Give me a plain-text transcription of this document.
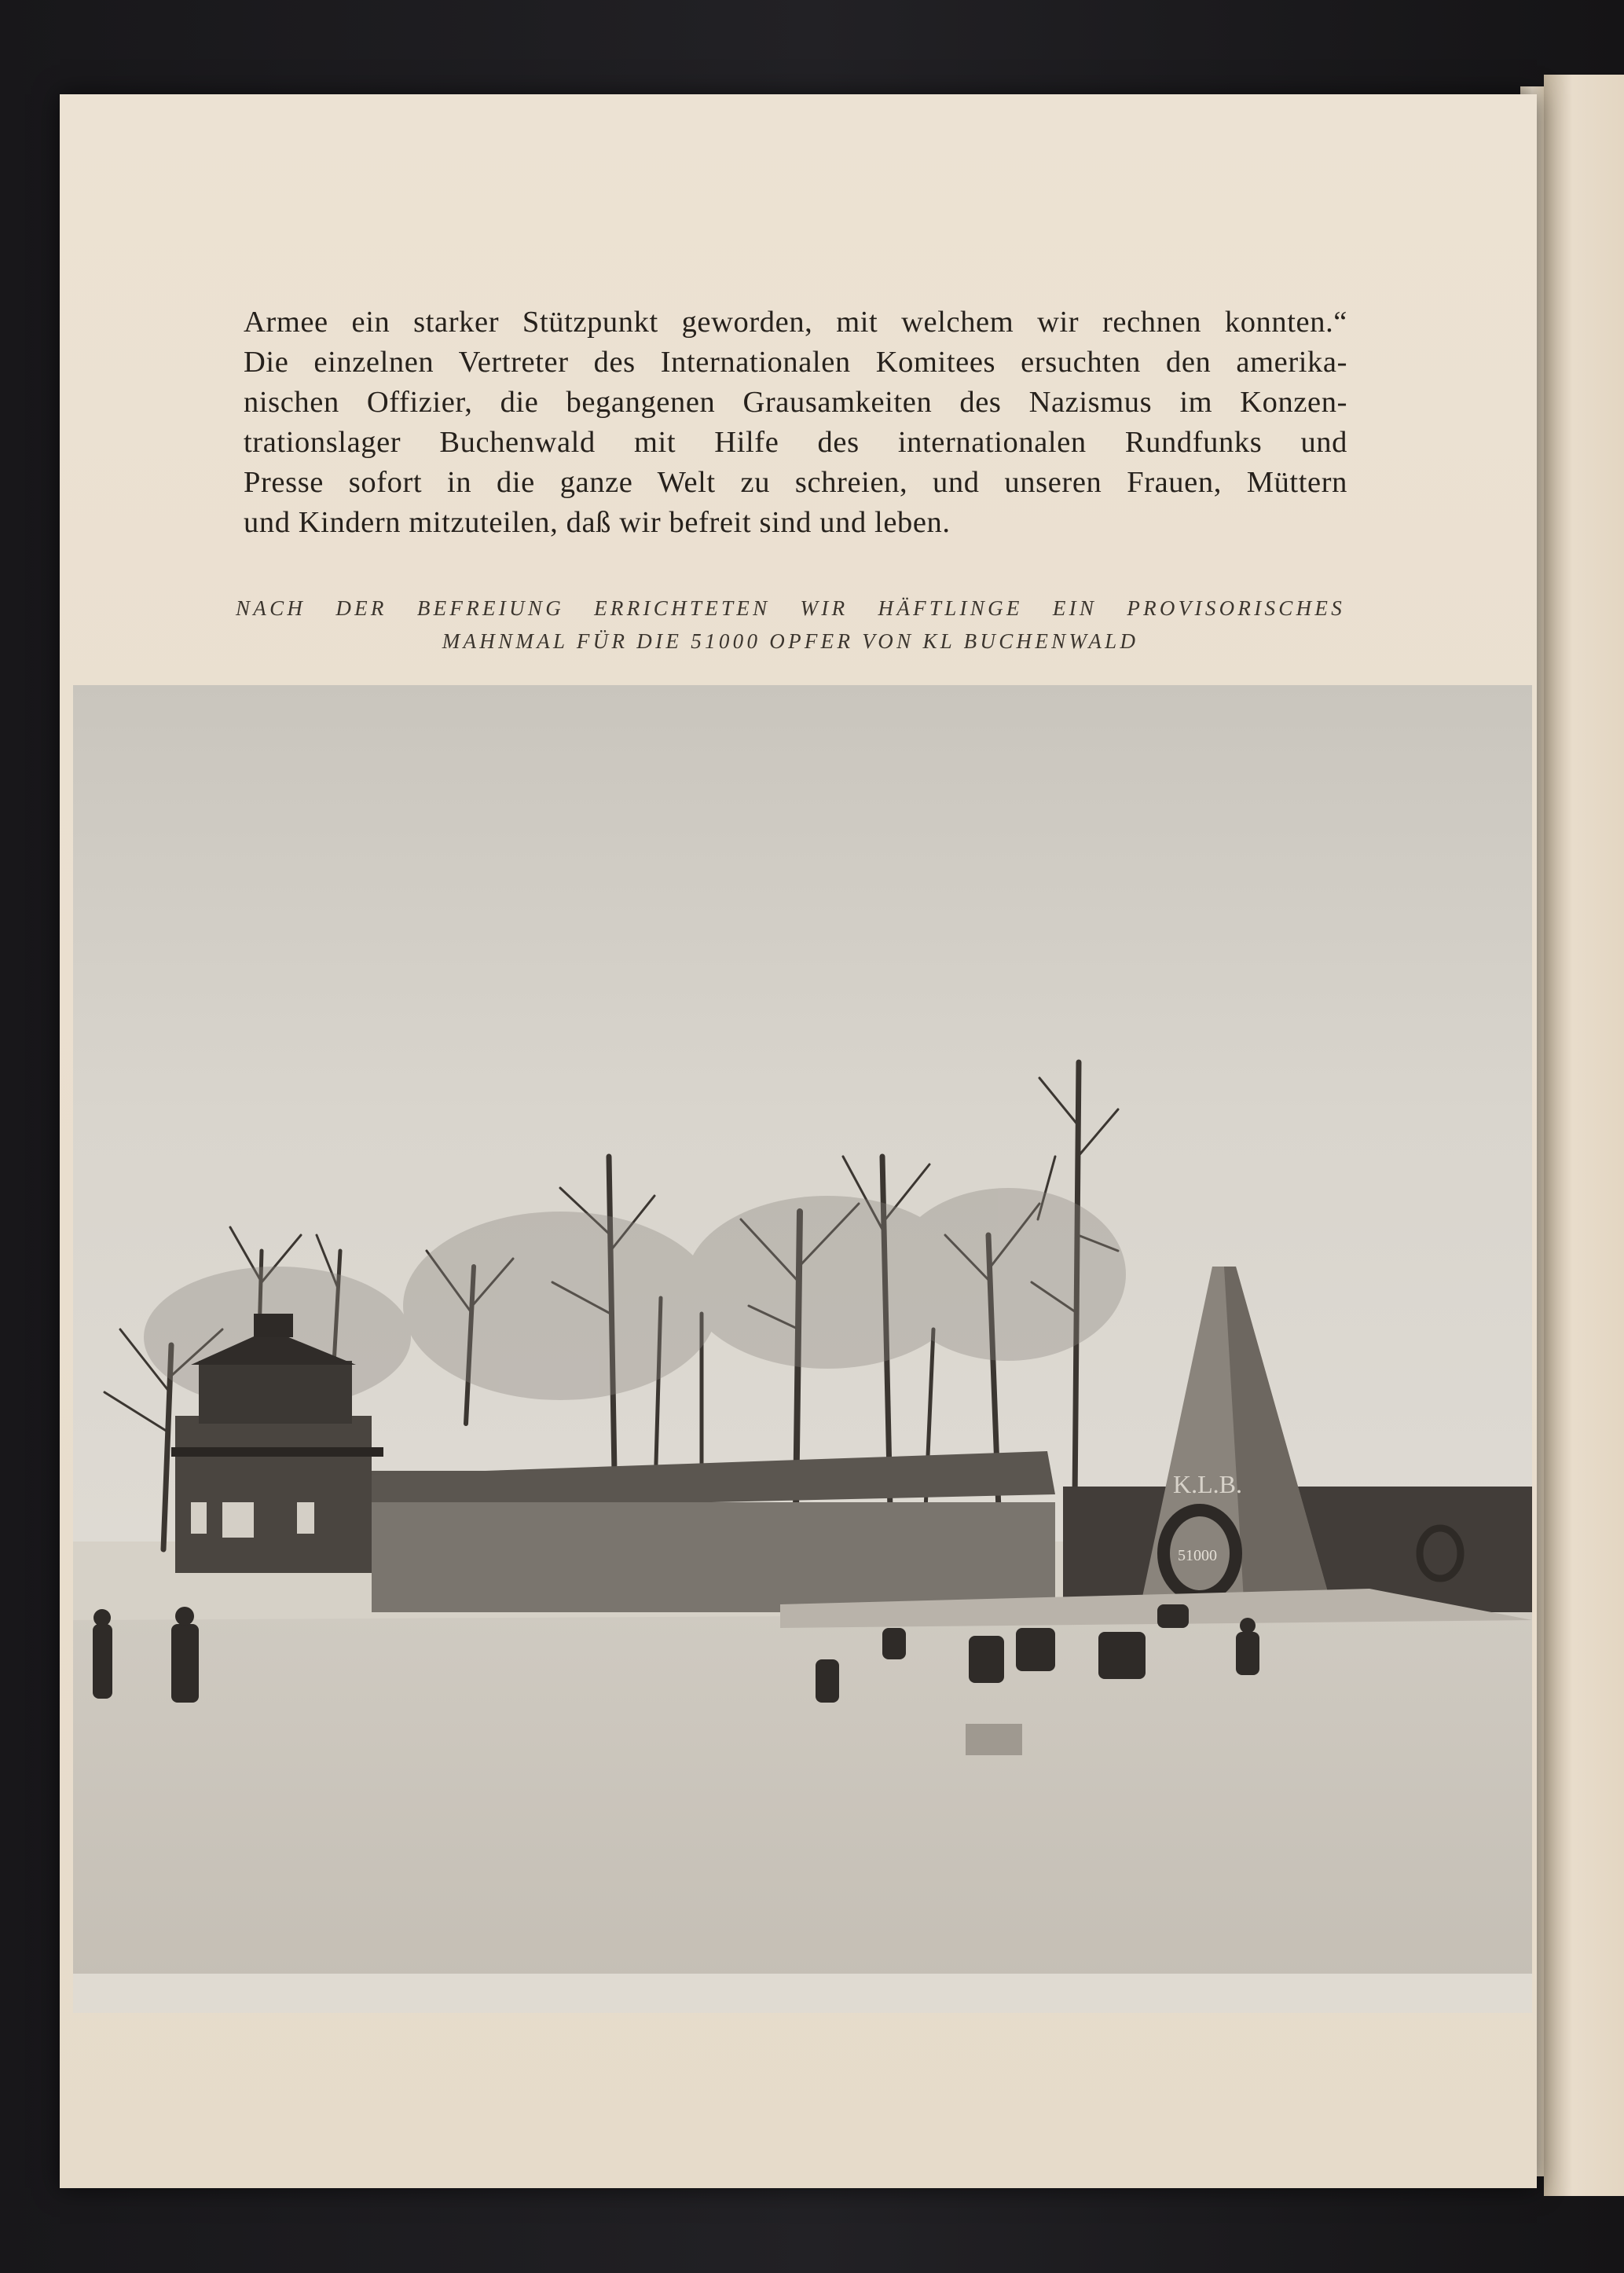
Armee ein starker Stützpunkt geworden, mit welchem wir rechnen konnten.“
Die einzelnen Vertreter des Internationalen Komitees ersuchten den amerika-
nischen Offizier, die begangenen Grausamkeiten des Nazismus im Konzen-
trationslager Buchenwald mit Hilfe des internationalen Rundfunks und
Presse sofort in die ganze Welt zu schreien, und unseren Frauen, Müttern
und Kindern mitzuteilen, daß wir befreit sind und leben.
NACH DER BEFREIUNG ERRICHTETEN WIR HÄFTLINGE EIN PROVISORISCHES
MAHNMAL FÜR DIE 51000 OPFER VON KL BUCHENWALD
K.L.B.
51000
